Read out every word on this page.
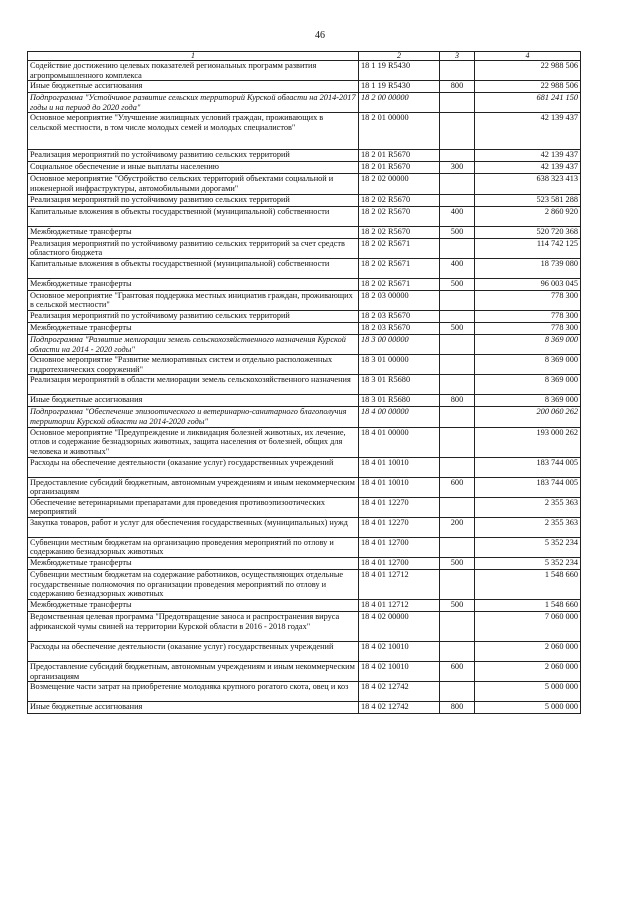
46
1	2	3	4
Содействие достижению целевых показателей региональных программ развития агропромышленного комплекса	18 1 19 R5430		22 988 506
Иные бюджетные ассигнования	18 1 19 R5430	800	22 988 506
Подпрограмма "Устойчивое развитие сельских территорий Курской области на 2014-2017 годы и на период до 2020 года"	18 2 00 00000		681 241 150
Основное мероприятие "Улучшение жилищных условий граждан, проживающих в сельской местности, в том числе молодых семей и молодых специалистов"	18 2 01 00000		42 139 437
Реализация мероприятий по устойчивому развитию сельских территорий	18 2 01 R5670		42 139 437
Социальное обеспечение и иные выплаты населению	18 2 01 R5670	300	42 139 437
Основное мероприятие "Обустройство сельских территорий объектами социальной и инженерной инфраструктуры, автомобильными дорогами"	18 2 02 00000		638 323 413
Реализация мероприятий по устойчивому развитию сельских территорий	18 2 02 R5670		523 581 288
Капитальные вложения в объекты государственной (муниципальной) собственности	18 2 02 R5670	400	2 860 920
Межбюджетные трансферты	18 2 02 R5670	500	520 720 368
Реализация мероприятий по устойчивому развитию сельских территорий за счет средств областного бюджета	18 2 02 R5671		114 742 125
Капитальные вложения в объекты государственной (муниципальной) собственности	18 2 02 R5671	400	18 739 080
Межбюджетные трансферты	18 2 02 R5671	500	96 003 045
Основное мероприятие "Грантовая поддержка местных инициатив граждан, проживающих в сельской местности"	18 2 03 00000		778 300
Реализация мероприятий по устойчивому развитию сельских территорий	18 2 03 R5670		778 300
Межбюджетные трансферты	18 2 03 R5670	500	778 300
Подпрограмма "Развитие мелиорации земель сельскохозяйственного назначения Курской области на 2014 - 2020 годы"	18 3 00 00000		8 369 000
Основное мероприятие "Развитие мелиоративных систем и отдельно расположенных гидротехнических сооружений"	18 3 01 00000		8 369 000
Реализация мероприятий в области мелиорации земель сельскохозяйственного назначения	18 3 01 R5680		8 369 000
Иные бюджетные ассигнования	18 3 01 R5680	800	8 369 000
Подпрограмма "Обеспечение эпизоотического и ветеринарно-санитарного благополучия территории Курской области на 2014-2020 годы"	18 4 00 00000		200 060 262
Основное мероприятие "Предупреждение и ликвидация болезней животных, их лечение, отлов и содержание безнадзорных животных, защита населения от болезней, общих для человека и животных"	18 4 01 00000		193 000 262
Расходы на обеспечение деятельности (оказание услуг) государственных учреждений	18 4 01 10010		183 744 005
Предоставление субсидий бюджетным, автономным учреждениям и иным некоммерческим организациям	18 4 01 10010	600	183 744 005
Обеспечение ветеринарными препаратами для проведения противоэпизоотических мероприятий	18 4 01 12270		2 355 363
Закупка товаров, работ и услуг для обеспечения государственных (муниципальных) нужд	18 4 01 12270	200	2 355 363
Субвенции местным бюджетам на организацию проведения мероприятий по отлову и содержанию безнадзорных животных	18 4 01 12700		5 352 234
Межбюджетные трансферты	18 4 01 12700	500	5 352 234
Субвенции местным бюджетам на содержание работников, осуществляющих отдельные государственные полномочия по организации проведения мероприятий по отлову и содержанию безнадзорных животных	18 4 01 12712		1 548 660
Межбюджетные трансферты	18 4 01 12712	500	1 548 660
Ведомственная целевая программа "Предотвращение заноса и распространения вируса африканской чумы свиней на территории Курской области в 2016 - 2018 годах"	18 4 02 00000		7 060 000
Расходы на обеспечение деятельности (оказание услуг) государственных учреждений	18 4 02 10010		2 060 000
Предоставление субсидий бюджетным, автономным учреждениям и иным некоммерческим организациям	18 4 02 10010	600	2 060 000
Возмещение части затрат на приобретение молодняка крупного рогатого скота, овец и коз	18 4 02 12742		5 000 000
Иные бюджетные ассигнования	18 4 02 12742	800	5 000 000
